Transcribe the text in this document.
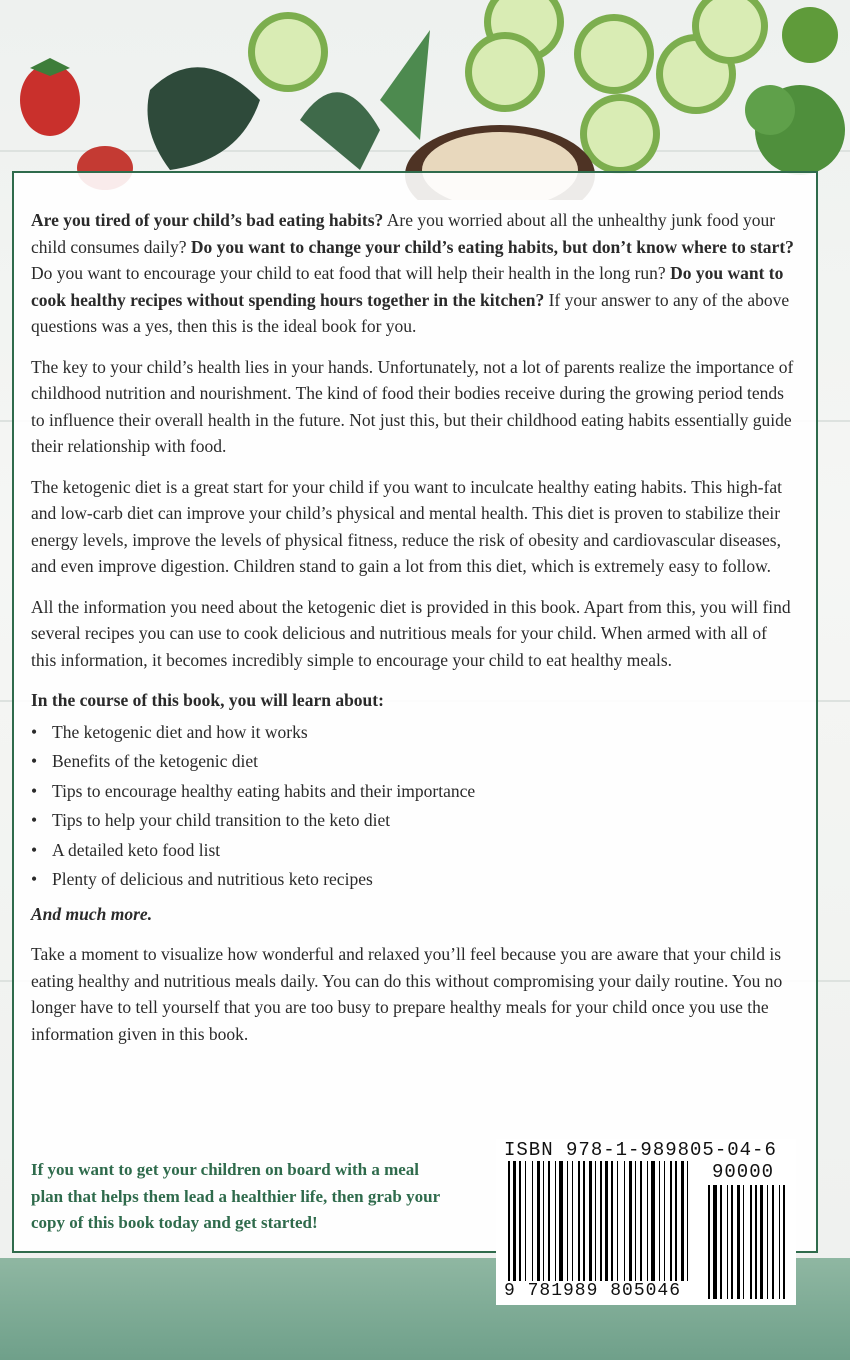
Are you tired of your child’s bad eating habits? Are you worried about all the unhealthy junk food your child consumes daily? Do you want to change your child’s eating habits, but don’t know where to start? Do you want to encourage your child to eat food that will help their health in the long run? Do you want to cook healthy recipes without spending hours together in the kitchen? If your answer to any of the above questions was a yes, then this is the ideal book for you.

The key to your child’s health lies in your hands. Unfortunately, not a lot of parents realize the importance of childhood nutrition and nourishment. The kind of food their bodies receive during the growing period tends to influence their overall health in the future. Not just this, but their childhood eating habits essentially guide their relationship with food.

The ketogenic diet is a great start for your child if you want to inculcate healthy eating habits. This high-fat and low-carb diet can improve your child’s physical and mental health. This diet is proven to stabilize their energy levels, improve the levels of physical fitness, reduce the risk of obesity and cardiovascular diseases, and even improve digestion. Children stand to gain a lot from this diet, which is extremely easy to follow.

All the information you need about the ketogenic diet is provided in this book. Apart from this, you will find several recipes you can use to cook delicious and nutritious meals for your child. When armed with all of this information, it becomes incredibly simple to encourage your child to eat healthy meals.

In the course of this book, you will learn about:
• The ketogenic diet and how it works
• Benefits of the ketogenic diet
• Tips to encourage healthy eating habits and their importance
• Tips to help your child transition to the keto diet
• A detailed keto food list
• Plenty of delicious and nutritious keto recipes
And much more.

Take a moment to visualize how wonderful and relaxed you’ll feel because you are aware that your child is eating healthy and nutritious meals daily. You can do this without compromising your daily routine. You no longer have to tell yourself that you are too busy to prepare healthy meals for your child once you use the information given in this book.

If you want to get your children on board with a meal plan that helps them lead a healthier life, then grab your copy of this book today and get started!
ISBN 978-1-989805-04-6
90000
9 781989 805046
